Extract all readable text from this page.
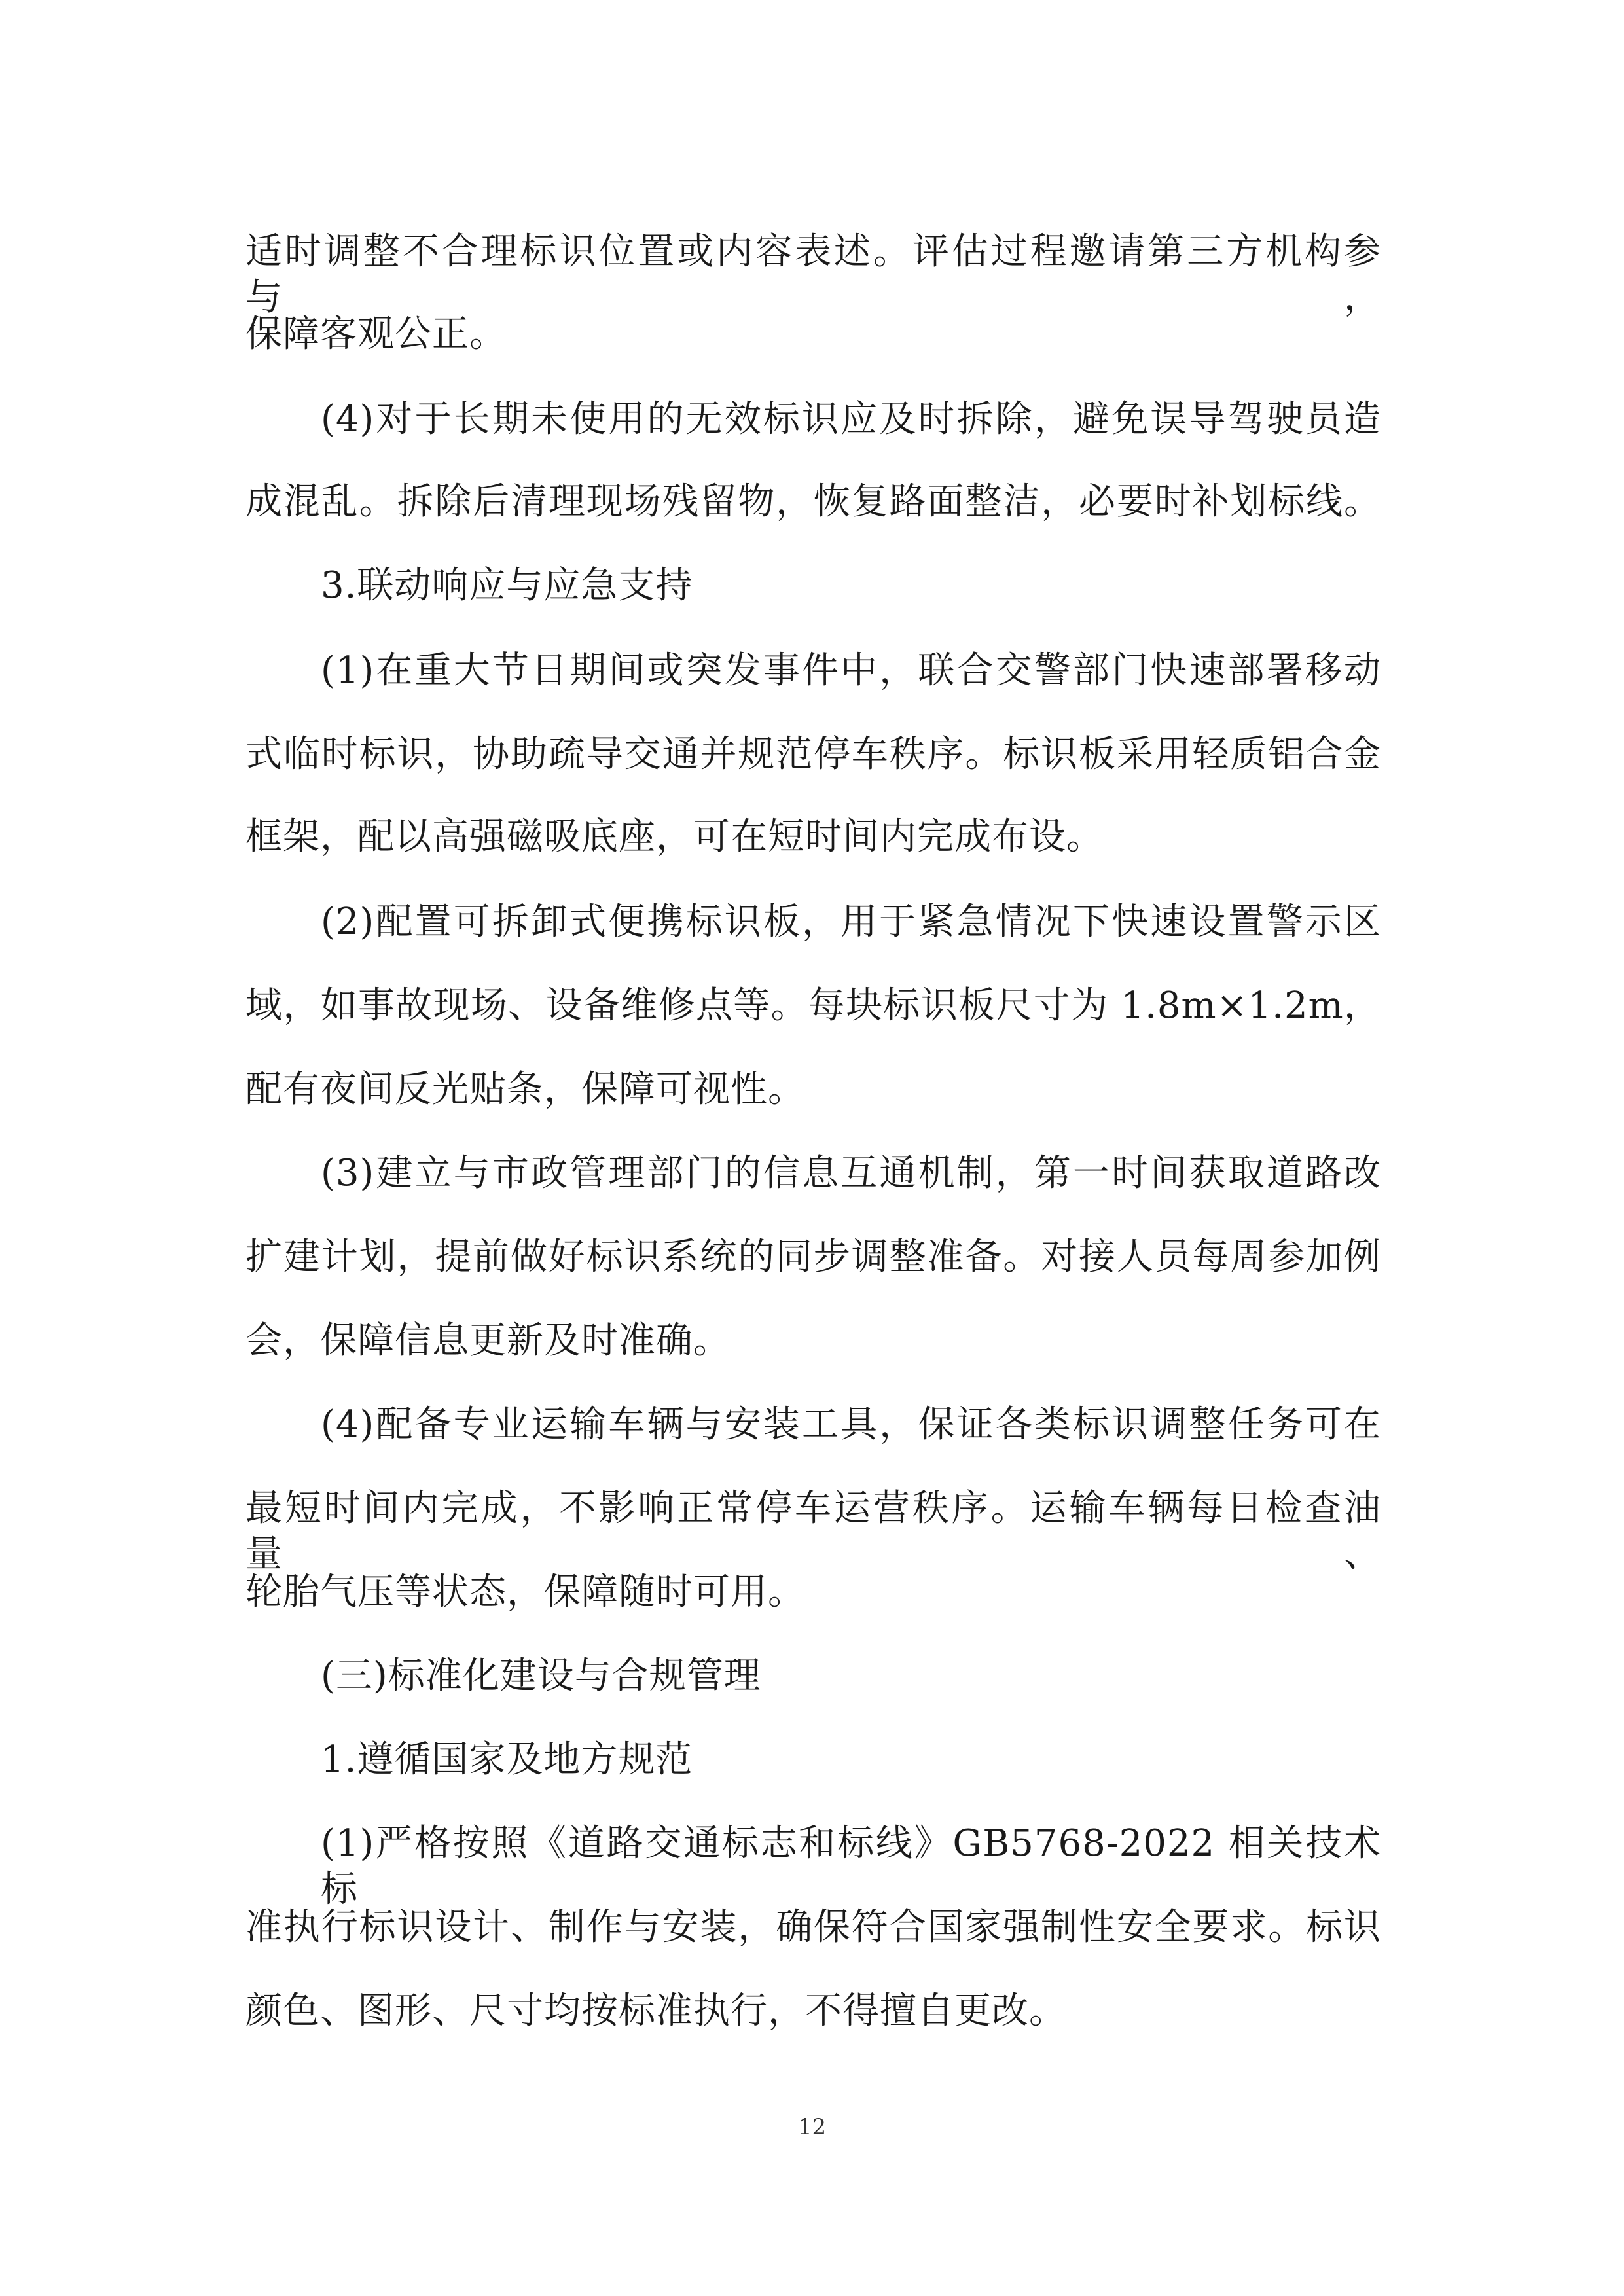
适时调整不合理标识位置或内容表述。评估过程邀请第三方机构参与，
保障客观公正。
(4)对于长期未使用的无效标识应及时拆除，避免误导驾驶员造
成混乱。拆除后清理现场残留物，恢复路面整洁，必要时补划标线。
3.联动响应与应急支持
(1)在重大节日期间或突发事件中，联合交警部门快速部署移动
式临时标识，协助疏导交通并规范停车秩序。标识板采用轻质铝合金
框架，配以高强磁吸底座，可在短时间内完成布设。
(2)配置可拆卸式便携标识板，用于紧急情况下快速设置警示区
域，如事故现场、设备维修点等。每块标识板尺寸为 1.8m×1.2m，
配有夜间反光贴条，保障可视性。
(3)建立与市政管理部门的信息互通机制，第一时间获取道路改
扩建计划，提前做好标识系统的同步调整准备。对接人员每周参加例
会，保障信息更新及时准确。
(4)配备专业运输车辆与安装工具，保证各类标识调整任务可在
最短时间内完成，不影响正常停车运营秩序。运输车辆每日检查油量、
轮胎气压等状态，保障随时可用。
(三)标准化建设与合规管理
1.遵循国家及地方规范
(1)严格按照《道路交通标志和标线》GB5768-2022 相关技术标
准执行标识设计、制作与安装，确保符合国家强制性安全要求。标识
颜色、图形、尺寸均按标准执行，不得擅自更改。
12
